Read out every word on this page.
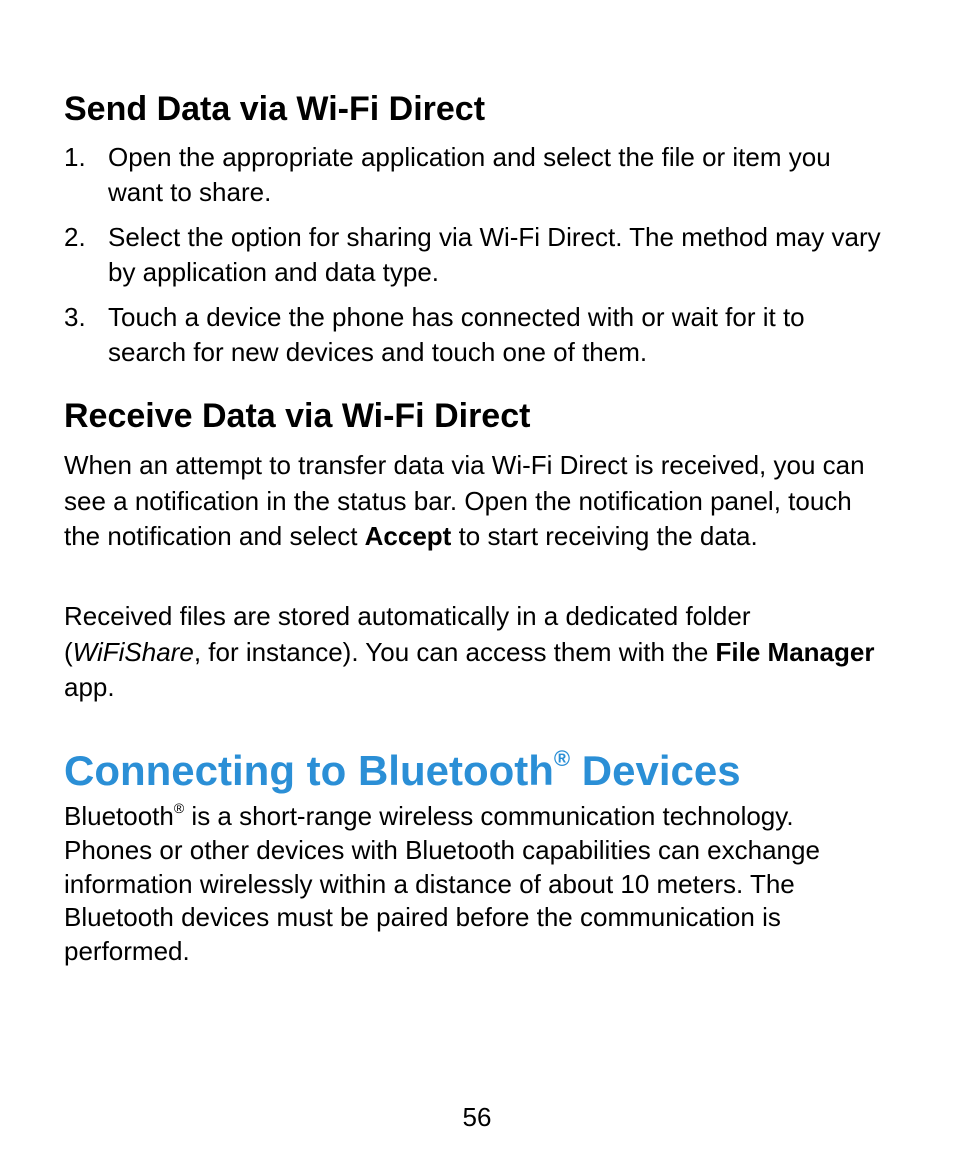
Send Data via Wi-Fi Direct
1. Open the appropriate application and select the file or item you want to share.
2. Select the option for sharing via Wi-Fi Direct. The method may vary by application and data type.
3. Touch a device the phone has connected with or wait for it to search for new devices and touch one of them.
Receive Data via Wi-Fi Direct

When an attempt to transfer data via Wi-Fi Direct is received, you can see a notification in the status bar. Open the notification panel, touch the notification and select Accept to start receiving the data.

Received files are stored automatically in a dedicated folder (WiFiShare, for instance). You can access them with the File Manager app.

Connecting to Bluetooth® Devices

Bluetooth® is a short-range wireless communication technology. Phones or other devices with Bluetooth capabilities can exchange information wirelessly within a distance of about 10 meters. The Bluetooth devices must be paired before the communication is performed.

56
